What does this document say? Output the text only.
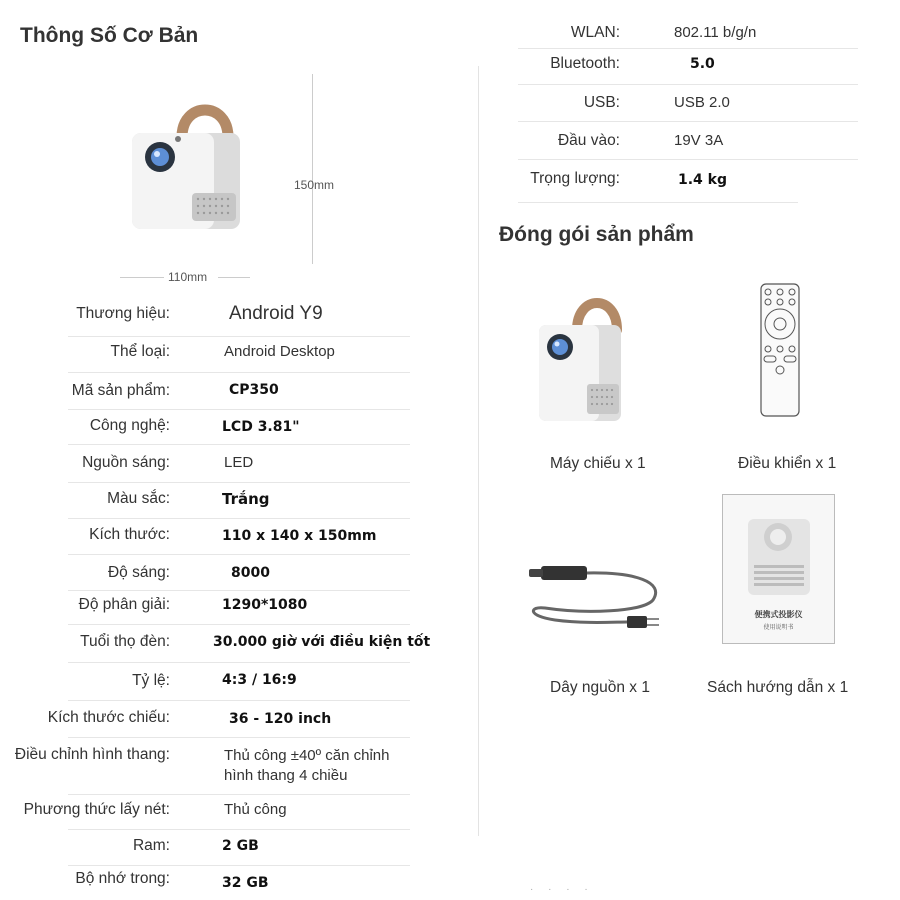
Thông Số Cơ Bản
150mm
110mm
Thương hiệu:	Android Y9
Thể loại:	Android Desktop
Mã sản phẩm:	CP350
Công nghệ:	LCD 3.81"
Nguồn sáng:	LED
Màu sắc:	Trắng
Kích thước:	110 x 140 x 150mm
Độ sáng:	8000
Độ phân giải:	1290*1080
Tuổi thọ đèn:	30.000 giờ với điều kiện tốt
Tỷ lệ:	4:3 / 16:9
Kích thước chiếu:	36 - 120 inch
Điều chỉnh hình thang:	Thủ công ±40º căn chỉnh
hình thang 4 chiều
Phương thức lấy nét:	Thủ công
Ram:	2 GB
Bộ nhớ trong:	32 GB
WLAN:	802.11 b/g/n
Bluetooth:	5.0
USB:	USB 2.0
Đầu vào:	19V 3A
Trọng lượng:	1.4 kg
Đóng gói sản phẩm
Máy chiếu x 1	Điều khiển x 1
Dây nguồn x 1
便携式投影仪
使用说明书
Sách hướng dẫn x 1
· · · ·
